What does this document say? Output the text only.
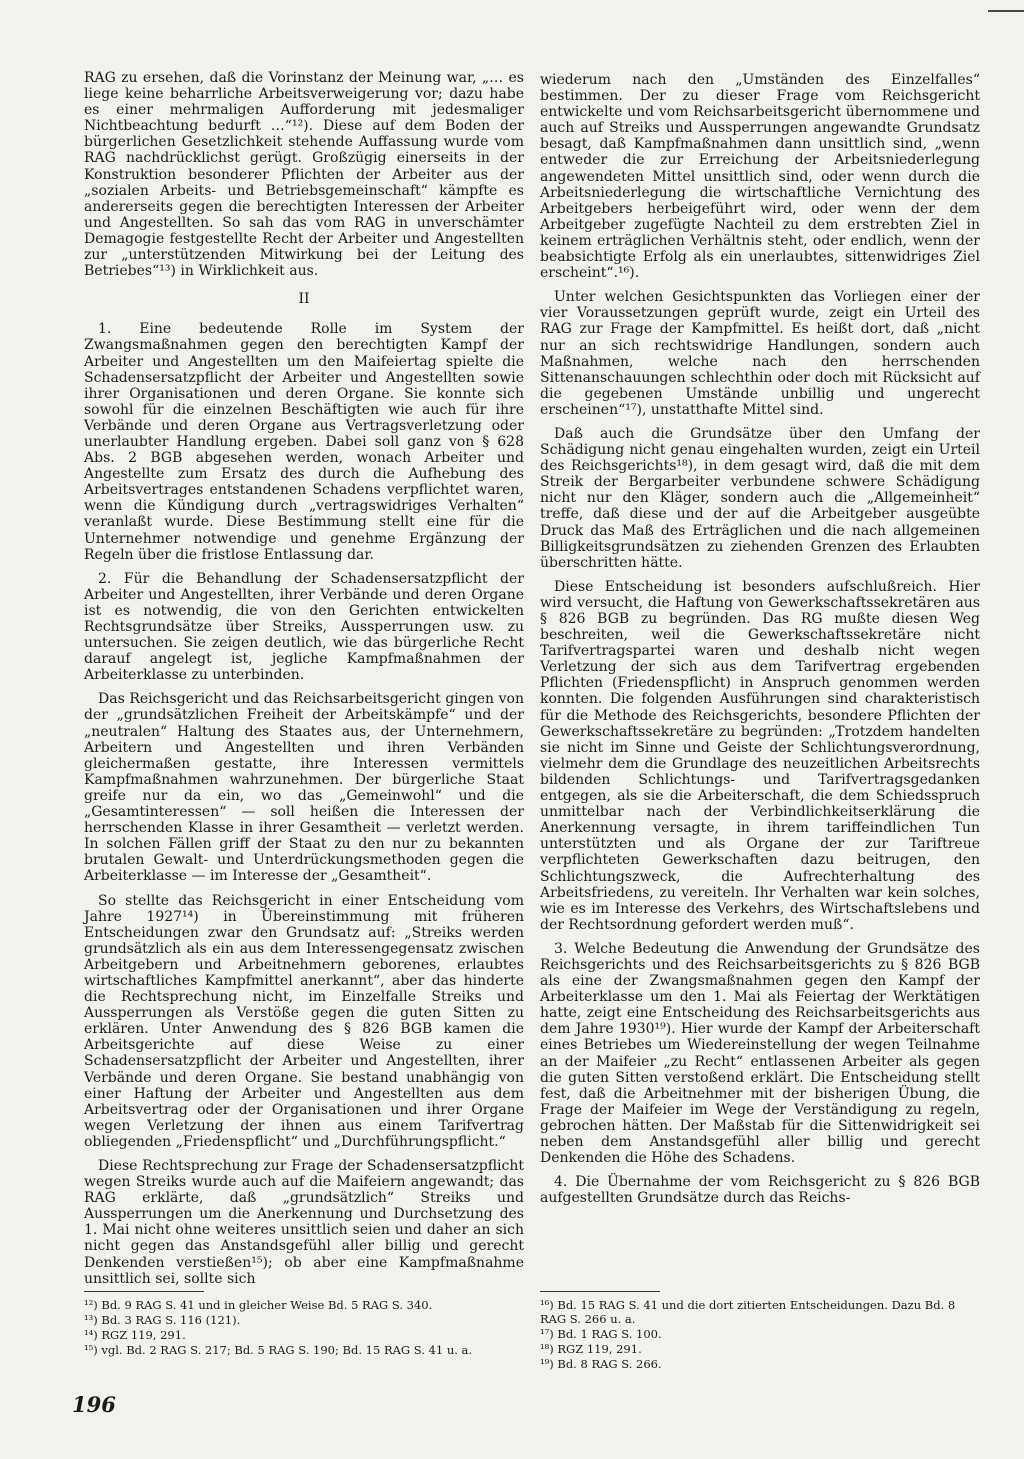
RAG zu ersehen, daß die Vorinstanz der Meinung war, „… es liege keine beharrliche Arbeitsverweigerung vor; dazu habe es einer mehrmaligen Aufforderung mit jedesmaliger Nichtbeachtung bedurft …“¹²). Diese auf dem Boden der bürgerlichen Gesetzlichkeit stehende Auffassung wurde vom RAG nachdrücklichst gerügt. Großzügig einerseits in der Konstruktion besonderer Pflichten der Arbeiter aus der „sozialen Arbeits- und Betriebsgemeinschaft“ kämpfte es andererseits gegen die berechtigten Interessen der Arbeiter und Angestellten. So sah das vom RAG in unverschämter Demagogie festgestellte Recht der Arbeiter und Angestellten zur „unterstützenden Mitwirkung bei der Leitung des Betriebes“¹³) in Wirklichkeit aus.

II

1. Eine bedeutende Rolle im System der Zwangsmaßnahmen gegen den berechtigten Kampf der Arbeiter und Angestellten um den Maifeiertag spielte die Schadensersatzpflicht der Arbeiter und Angestellten sowie ihrer Organisationen und deren Organe. Sie konnte sich sowohl für die einzelnen Beschäftigten wie auch für ihre Verbände und deren Organe aus Vertragsverletzung oder unerlaubter Handlung ergeben. Dabei soll ganz von § 628 Abs. 2 BGB abgesehen werden, wonach Arbeiter und Angestellte zum Ersatz des durch die Aufhebung des Arbeitsvertrages entstandenen Schadens verpflichtet waren, wenn die Kündigung durch „vertragswidriges Verhalten“ veranlaßt wurde. Diese Bestimmung stellt eine für die Unternehmer notwendige und genehme Ergänzung der Regeln über die fristlose Entlassung dar.

2. Für die Behandlung der Schadensersatzpflicht der Arbeiter und Angestellten, ihrer Verbände und deren Organe ist es notwendig, die von den Gerichten entwickelten Rechtsgrundsätze über Streiks, Aussperrungen usw. zu untersuchen. Sie zeigen deutlich, wie das bürgerliche Recht darauf angelegt ist, jegliche Kampfmaßnahmen der Arbeiterklasse zu unterbinden.

Das Reichsgericht und das Reichsarbeitsgericht gingen von der „grundsätzlichen Freiheit der Arbeitskämpfe“ und der „neutralen“ Haltung des Staates aus, der Unternehmern, Arbeitern und Angestellten und ihren Verbänden gleichermaßen gestatte, ihre Interessen vermittels Kampfmaßnahmen wahrzunehmen. Der bürgerliche Staat greife nur da ein, wo das „Gemeinwohl“ und die „Gesamtinteressen“ — soll heißen die Interessen der herrschenden Klasse in ihrer Gesamtheit — verletzt werden. In solchen Fällen griff der Staat zu den nur zu bekannten brutalen Gewalt- und Unterdrückungsmethoden gegen die Arbeiterklasse — im Interesse der „Gesamtheit“.

So stellte das Reichsgericht in einer Entscheidung vom Jahre 1927¹⁴) in Übereinstimmung mit früheren Entscheidungen zwar den Grundsatz auf: „Streiks werden grundsätzlich als ein aus dem Interessengegensatz zwischen Arbeitgebern und Arbeitnehmern geborenes, erlaubtes wirtschaftliches Kampfmittel anerkannt“, aber das hinderte die Rechtsprechung nicht, im Einzelfalle Streiks und Aussperrungen als Verstöße gegen die guten Sitten zu erklären. Unter Anwendung des § 826 BGB kamen die Arbeitsgerichte auf diese Weise zu einer Schadensersatzpflicht der Arbeiter und Angestellten, ihrer Verbände und deren Organe. Sie bestand unabhängig von einer Haftung der Arbeiter und Angestellten aus dem Arbeitsvertrag oder der Organisationen und ihrer Organe wegen Verletzung der ihnen aus einem Tarifvertrag obliegenden „Friedenspflicht“ und „Durchführungspflicht.“

Diese Rechtsprechung zur Frage der Schadensersatzpflicht wegen Streiks wurde auch auf die Maifeiern angewandt; das RAG erklärte, daß „grundsätzlich“ Streiks und Aussperrungen um die Anerkennung und Durchsetzung des 1. Mai nicht ohne weiteres unsittlich seien und daher an sich nicht gegen das Anstandsgefühl aller billig und gerecht Denkenden verstießen¹⁵); ob aber eine Kampfmaßnahme unsittlich sei, sollte sich

wiederum nach den „Umständen des Einzelfalles“ bestimmen. Der zu dieser Frage vom Reichsgericht entwickelte und vom Reichsarbeitsgericht übernommene und auch auf Streiks und Aussperrungen angewandte Grundsatz besagt, daß Kampfmaßnahmen dann unsittlich sind, „wenn entweder die zur Erreichung der Arbeitsniederlegung angewendeten Mittel unsittlich sind, oder wenn durch die Arbeitsniederlegung die wirtschaftliche Vernichtung des Arbeitgebers herbeigeführt wird, oder wenn der dem Arbeitgeber zugefügte Nachteil zu dem erstrebten Ziel in keinem erträglichen Verhältnis steht, oder endlich, wenn der beabsichtigte Erfolg als ein unerlaubtes, sittenwidriges Ziel erscheint“.¹⁶).

Unter welchen Gesichtspunkten das Vorliegen einer der vier Voraussetzungen geprüft wurde, zeigt ein Urteil des RAG zur Frage der Kampfmittel. Es heißt dort, daß „nicht nur an sich rechtswidrige Handlungen, sondern auch Maßnahmen, welche nach den herrschenden Sittenanschauungen schlechthin oder doch mit Rücksicht auf die gegebenen Umstände unbillig und ungerecht erscheinen“¹⁷), unstatthafte Mittel sind.

Daß auch die Grundsätze über den Umfang der Schädigung nicht genau eingehalten wurden, zeigt ein Urteil des Reichsgerichts¹⁸), in dem gesagt wird, daß die mit dem Streik der Bergarbeiter verbundene schwere Schädigung nicht nur den Kläger, sondern auch die „Allgemeinheit“ treffe, daß diese und der auf die Arbeitgeber ausgeübte Druck das Maß des Erträglichen und die nach allgemeinen Billigkeitsgrundsätzen zu ziehenden Grenzen des Erlaubten überschritten hätte.

Diese Entscheidung ist besonders aufschlußreich. Hier wird versucht, die Haftung von Gewerkschaftssekretären aus § 826 BGB zu begründen. Das RG mußte diesen Weg beschreiten, weil die Gewerkschaftssekretäre nicht Tarifvertragspartei waren und deshalb nicht wegen Verletzung der sich aus dem Tarifvertrag ergebenden Pflichten (Friedenspflicht) in Anspruch genommen werden konnten. Die folgenden Ausführungen sind charakteristisch für die Methode des Reichsgerichts, besondere Pflichten der Gewerkschaftssekretäre zu begründen: „Trotzdem handelten sie nicht im Sinne und Geiste der Schlichtungsverordnung, vielmehr dem die Grundlage des neuzeitlichen Arbeitsrechts bildenden Schlichtungs- und Tarifvertragsgedanken entgegen, als sie die Arbeiterschaft, die dem Schiedsspruch unmittelbar nach der Verbindlichkeitserklärung die Anerkennung versagte, in ihrem tariffeindlichen Tun unterstützten und als Organe der zur Tariftreue verpflichteten Gewerkschaften dazu beitrugen, den Schlichtungszweck, die Aufrechterhaltung des Arbeitsfriedens, zu vereiteln. Ihr Verhalten war kein solches, wie es im Interesse des Verkehrs, des Wirtschaftslebens und der Rechtsordnung gefordert werden muß“.

3. Welche Bedeutung die Anwendung der Grundsätze des Reichsgerichts und des Reichsarbeitsgerichts zu § 826 BGB als eine der Zwangsmaßnahmen gegen den Kampf der Arbeiterklasse um den 1. Mai als Feiertag der Werktätigen hatte, zeigt eine Entscheidung des Reichsarbeitsgerichts aus dem Jahre 1930¹⁹). Hier wurde der Kampf der Arbeiterschaft eines Betriebes um Wiedereinstellung der wegen Teilnahme an der Maifeier „zu Recht“ entlassenen Arbeiter als gegen die guten Sitten verstoßend erklärt. Die Entscheidung stellt fest, daß die Arbeitnehmer mit der bisherigen Übung, die Frage der Maifeier im Wege der Verständigung zu regeln, gebrochen hätten. Der Maßstab für die Sittenwidrigkeit sei neben dem Anstandsgefühl aller billig und gerecht Denkenden die Höhe des Schadens.

4. Die Übernahme der vom Reichsgericht zu § 826 BGB aufgestellten Grundsätze durch das Reichs-

¹²) Bd. 9 RAG S. 41 und in gleicher Weise Bd. 5 RAG S. 340.
¹³) Bd. 3 RAG S. 116 (121).
¹⁴) RGZ 119, 291.
¹⁵) vgl. Bd. 2 RAG S. 217; Bd. 5 RAG S. 190; Bd. 15 RAG S. 41 u. a.
¹⁶) Bd. 15 RAG S. 41 und die dort zitierten Entscheidungen. Dazu Bd. 8 RAG S. 266 u. a.
¹⁷) Bd. 1 RAG S. 100.
¹⁸) RGZ 119, 291.
¹⁹) Bd. 8 RAG S. 266.
196
